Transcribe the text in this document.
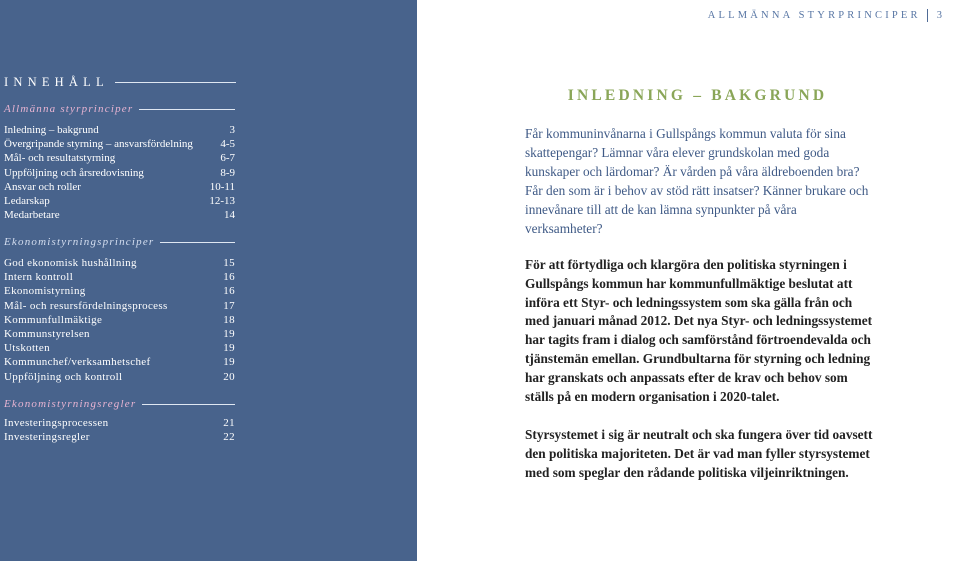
INNEHÅLL
Allmänna styrprinciper
Inledning – bakgrund	3
Övergripande styrning – ansvarsfördelning 4-5
Mål- och resultatstyrning	6-7
Uppföljning och årsredovisning	8-9
Ansvar och roller	10-11
Ledarskap	12-13
Medarbetare	14
Ekonomistyrningsprinciper
God ekonomisk hushållning	15
Intern kontroll	16
Ekonomistyrning	16
Mål- och resursfördelningsprocess	17
Kommunfullmäktige	18
Kommunstyrelsen	19
Utskotten	19
Kommunchef/verksamhetschef	19
Uppföljning och kontroll	20
Ekonomistyrningsregler
Investeringsprocessen	21
Investeringsregler	22
ALLMÄNNA STYRPRINCIPER 3
INLEDNING – BAKGRUND
Får kommuninvånarna i Gullspångs kommun valuta för sina skattepengar? Lämnar våra elever grundskolan med goda kunskaper och lärdomar? Är vården på våra äldreboenden bra? Får den som är i behov av stöd rätt insatser? Känner brukare och innevånare till att de kan lämna synpunkter på våra verksamheter?

För att förtydliga och klargöra den politiska styrningen i Gullspångs kommun har kommunfullmäktige beslutat att införa ett Styr- och ledningssystem som ska gälla från och med januari månad 2012. Det nya Styr- och ledningssystemet har tagits fram i dialog och samförstånd förtroendevalda och tjänstemän emellan. Grundbultarna för styrning och ledning har granskats och anpassats efter de krav och behov som ställs på en modern organisation i 2020-talet.

Styrsystemet i sig är neutralt och ska fungera över tid oavsett den politiska majoriteten. Det är vad man fyller styrsystemet med som speglar den rådande politiska viljeinriktningen.
